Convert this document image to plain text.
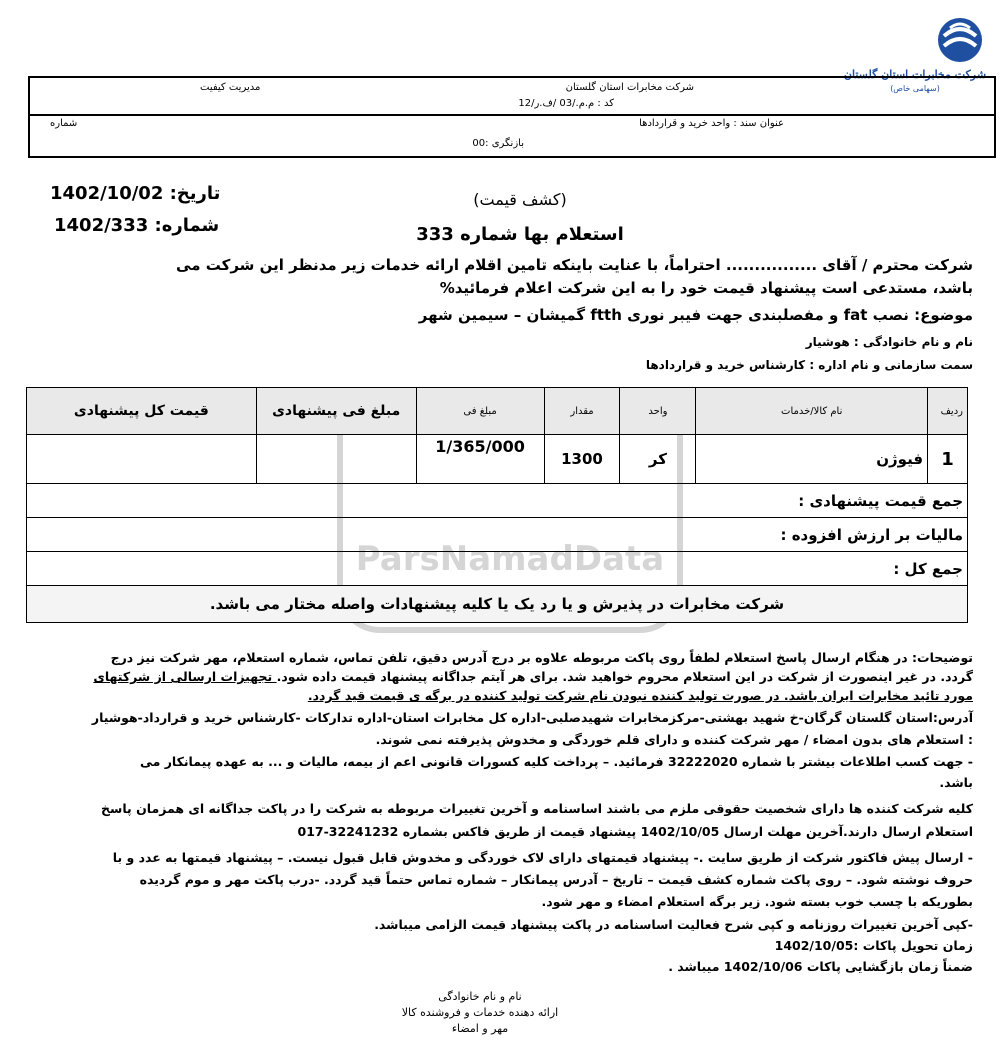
شرکت مخابرات استان گلستان
(سهامی خاص)
شرکت مخابرات استان گلستان
مدیریت کیفیت
کد : م.م./03 /ف.ر/12
عنوان سند : واحد خرید و قراردادها
شماره
بازنگری :00
ParsNamadData
تاریخ: 1402/10/02
شماره: 1402/333
(کشف قیمت)
استعلام بها شماره 333
شرکت محترم / آقای ................ احتراماً، با عنایت باینکه تامین اقلام ارائه خدمات زیر مدنظر این شرکت می
باشد، مستدعی است پیشنهاد قیمت خود را به این شرکت اعلام فرمائید%
موضوع: نصب fat و مفصلبندی جهت فیبر نوری ftth گمیشان – سیمین شهر
نام و نام خانوادگی : هوشیار
سمت سازمانی و نام اداره : کارشناس خرید و قراردادها
ردیف	نام کالا/خدمات	واحد	مقدار	مبلغ فی	مبلغ فی پیشنهادی	قیمت کل پیشنهادی
1	فیوژن	کر	1300	1/365/000		
جمع قیمت پیشنهادی :						
مالیات بر ارزش افزوده :						
جمع کل :						
شرکت مخابرات در پذیرش و یا رد یک یا کلیه پیشنهادات واصله مختار می باشد.						
توضیحات: در هنگام ارسال پاسخ استعلام لطفاً روی پاکت مربوطه علاوه بر درج آدرس دقیق، تلفن تماس، شماره استعلام، مهر شرکت نیز درج
گردد. در غیر اینصورت از شرکت در این استعلام محروم خواهید شد. برای هر آیتم جداگانه پیشنهاد قیمت داده شود. تجهیزات ارسالی از شرکتهای
مورد تائید مخابرات ایران باشد. در صورت تولید کننده نبودن نام شرکت تولید کننده در برگه ی قیمت قید گردد.
آدرس:استان گلستان گرگان-خ شهید بهشتی-مرکزمخابرات شهیدصلبی-اداره کل مخابرات استان-اداره تدارکات -کارشناس خرید و قرارداد-هوشیار
: استعلام های بدون امضاء / مهر شرکت کننده و دارای قلم خوردگی و مخدوش پذیرفته نمی شوند.
- جهت کسب اطلاعات بیشتر با شماره 32222020 فرمائید. – پرداخت کلیه کسورات قانونی اعم از بیمه، مالیات و ... به عهده پیمانکار می
باشد.
کلیه شرکت کننده ها دارای شخصیت حقوقی ملزم می باشند اساسنامه و آخرین تغییرات مربوطه به شرکت را در پاکت جداگانه ای همزمان پاسخ
استعلام ارسال دارند.آخرین مهلت ارسال 1402/10/05 پیشنهاد قیمت از طریق فاکس بشماره 32241232-017
- ارسال پیش فاکتور شرکت از طریق سایت .- پیشنهاد قیمتهای دارای لاک خوردگی و مخدوش قابل قبول نیست. – پیشنهاد قیمتها به عدد و با
حروف نوشته شود. – روی پاکت شماره کشف قیمت – تاریخ – آدرس پیمانکار – شماره تماس حتماً قید گردد. -درب پاکت مهر و موم گردیده
بطوریکه با چسب خوب بسته شود. زیر برگه استعلام امضاء و مهر شود.
-کپی آخرین تغییرات روزنامه و کپی شرح فعالیت اساسنامه در پاکت پیشنهاد قیمت الزامی میباشد.
زمان تحویل پاکات :1402/10/05
ضمناً زمان بازگشایی پاکات 1402/10/06 میباشد .
نام و نام خانوادگی
ارائه دهنده خدمات و فروشنده کالا
مهر و امضاء
